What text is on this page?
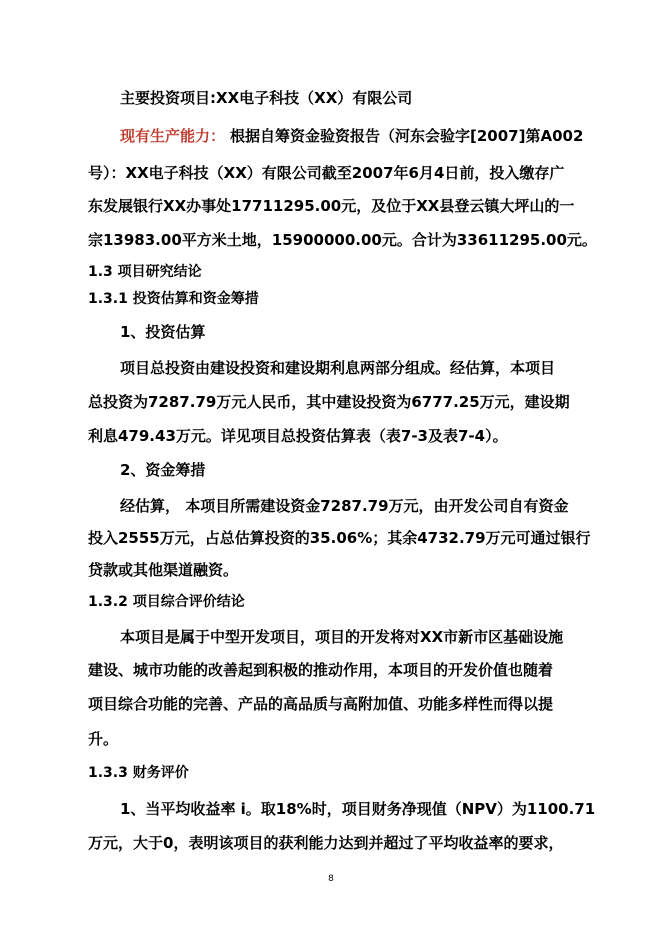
主要投资项目:XX电子科技（XX）有限公司
现有生产能力： 根据自筹资金验资报告（河东会验字[2007]第A002
号）：XX电子科技（XX）有限公司截至2007年6月4日前，投入缴存广
东发展银行XX办事处17711295.00元，及位于XX县登云镇大坪山的一
宗13983.00平方米土地，15900000.00元。合计为33611295.00元。
1.3 项目研究结论
1.3.1 投资估算和资金筹措
1、投资估算
项目总投资由建设投资和建设期利息两部分组成。经估算，本项目
总投资为7287.79万元人民币，其中建设投资为6777.25万元，建设期
利息479.43万元。详见项目总投资估算表（表7-3及表7-4）。
2、资金筹措
经估算， 本项目所需建设资金7287.79万元，由开发公司自有资金
投入2555万元，占总估算投资的35.06%；其余4732.79万元可通过银行
贷款或其他渠道融资。
1.3.2 项目综合评价结论
本项目是属于中型开发项目，项目的开发将对XX市新市区基础设施
建设、城市功能的改善起到积极的推动作用，本项目的开发价值也随着
项目综合功能的完善、产品的高品质与高附加值、功能多样性而得以提
升。
1.3.3 财务评价
1、当平均收益率 i。取18%时，项目财务净现值（NPV）为1100.71
万元，大于0，表明该项目的获利能力达到并超过了平均收益率的要求，
8
